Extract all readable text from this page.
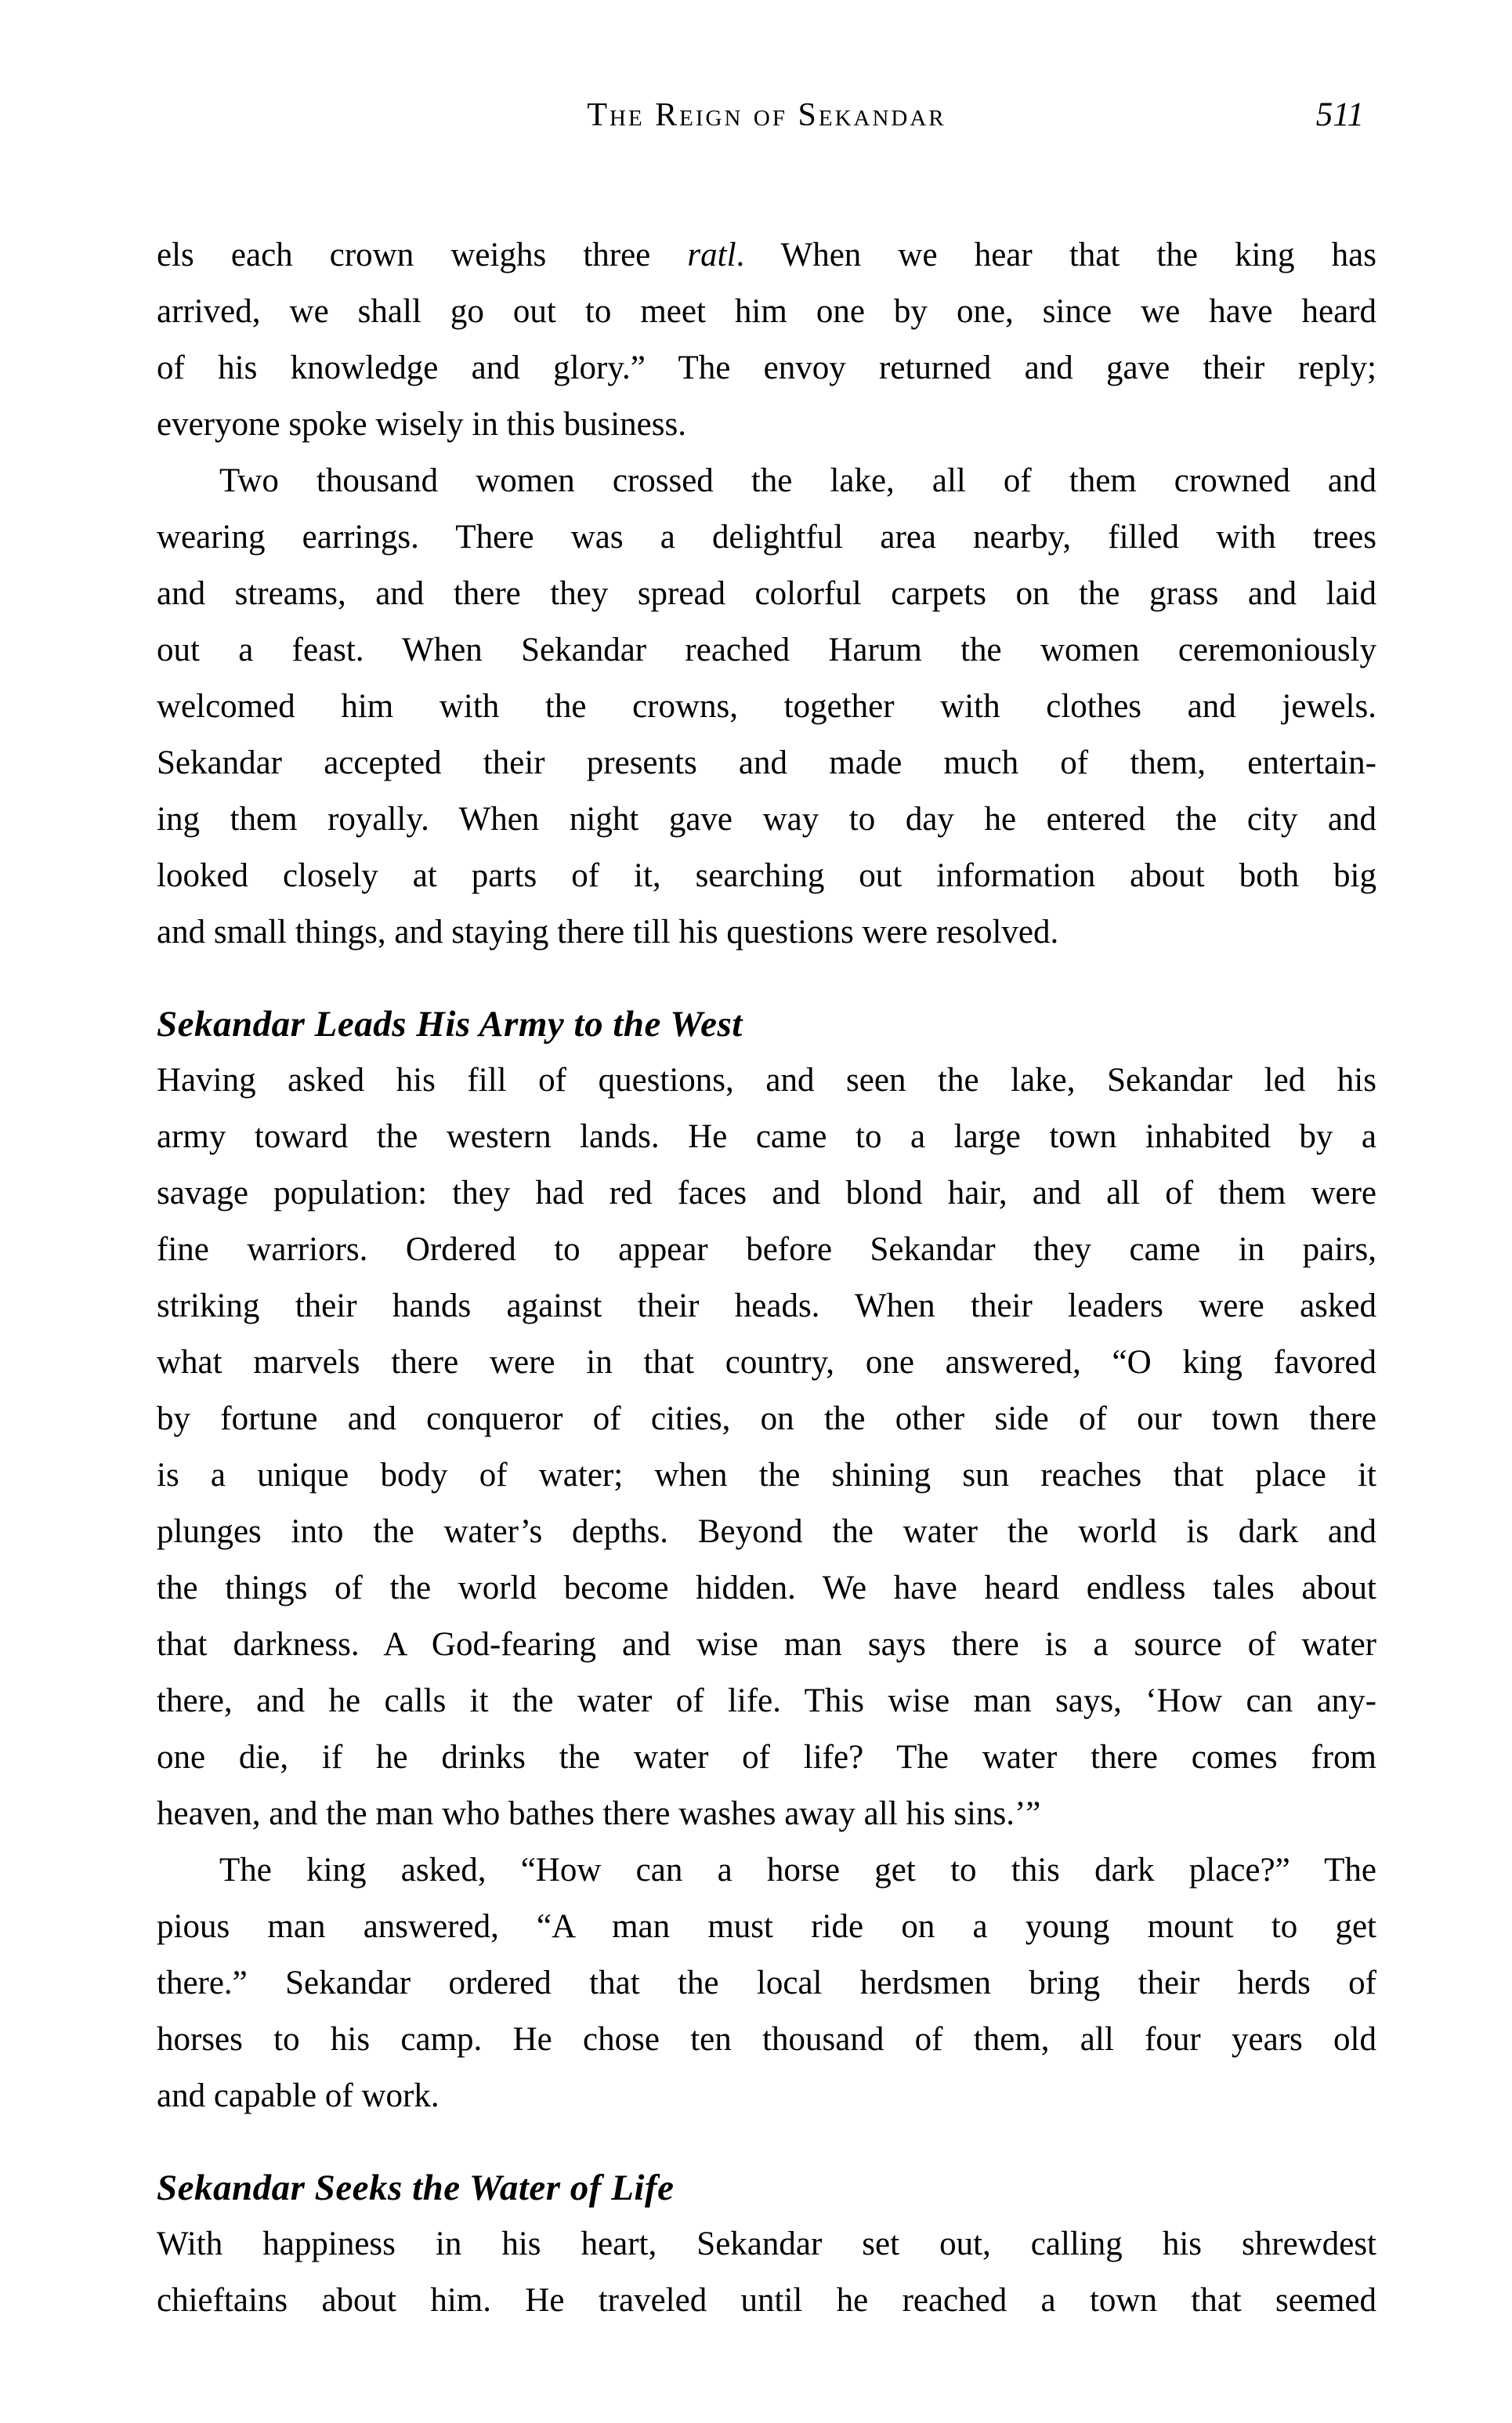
The Reign of Sekandar	511
els each crown weighs three ratl. When we hear that the king has
arrived, we shall go out to meet him one by one, since we have heard
of his knowledge and glory.” The envoy returned and gave their reply;
everyone spoke wisely in this business.
Two thousand women crossed the lake, all of them crowned and
wearing earrings. There was a delightful area nearby, filled with trees
and streams, and there they spread colorful carpets on the grass and laid
out a feast. When Sekandar reached Harum the women ceremoniously
welcomed him with the crowns, together with clothes and jewels.
Sekandar accepted their presents and made much of them, entertain-
ing them royally. When night gave way to day he entered the city and
looked closely at parts of it, searching out information about both big
and small things, and staying there till his questions were resolved.
Sekandar Leads His Army to the West
Having asked his fill of questions, and seen the lake, Sekandar led his
army toward the western lands. He came to a large town inhabited by a
savage population: they had red faces and blond hair, and all of them were
fine warriors. Ordered to appear before Sekandar they came in pairs,
striking their hands against their heads. When their leaders were asked
what marvels there were in that country, one answered, “O king favored
by fortune and conqueror of cities, on the other side of our town there
is a unique body of water; when the shining sun reaches that place it
plunges into the water’s depths. Beyond the water the world is dark and
the things of the world become hidden. We have heard endless tales about
that darkness. A God-fearing and wise man says there is a source of water
there, and he calls it the water of life. This wise man says, ‘How can any-
one die, if he drinks the water of life? The water there comes from
heaven, and the man who bathes there washes away all his sins.’”
The king asked, “How can a horse get to this dark place?” The
pious man answered, “A man must ride on a young mount to get
there.” Sekandar ordered that the local herdsmen bring their herds of
horses to his camp. He chose ten thousand of them, all four years old
and capable of work.
Sekandar Seeks the Water of Life
With happiness in his heart, Sekandar set out, calling his shrewdest
chieftains about him. He traveled until he reached a town that seemed
